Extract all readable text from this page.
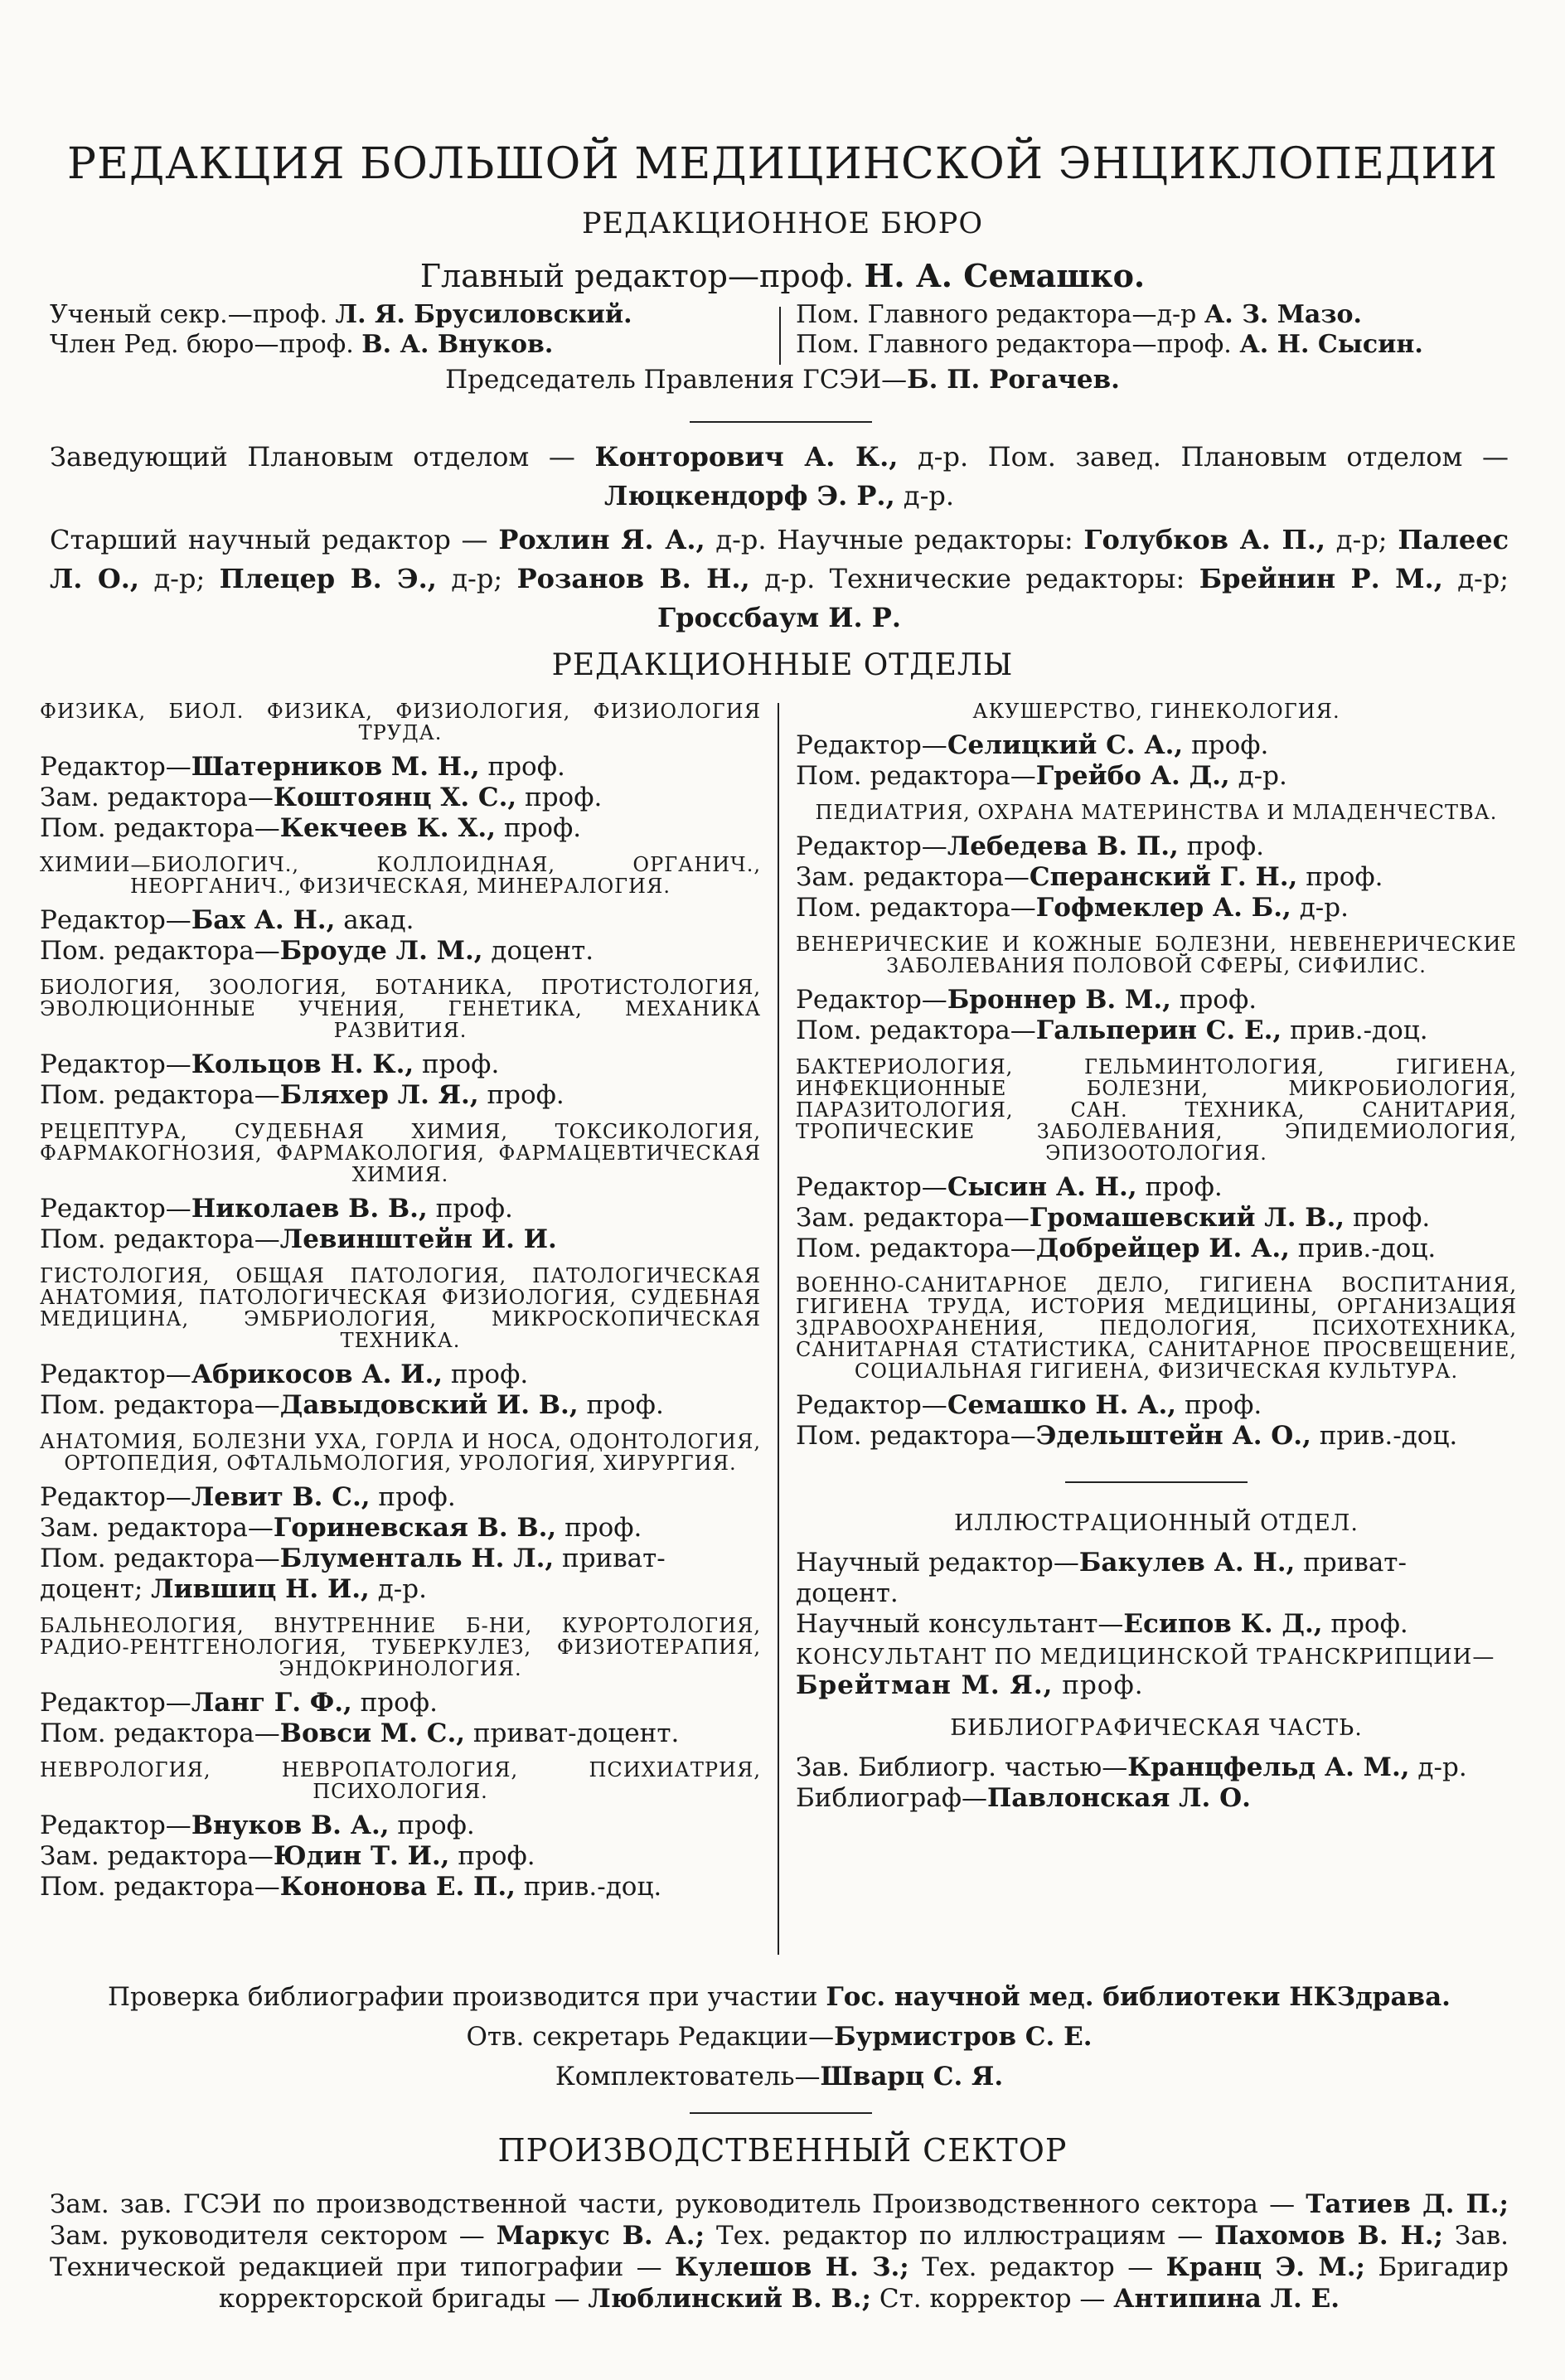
РЕДАКЦИЯ БОЛЬШОЙ МЕДИЦИНСКОЙ ЭНЦИКЛОПЕДИИ
РЕДАКЦИОННОЕ БЮРО
Главный редактор—проф. Н. А. Семашко.
Ученый секр.—проф. Л. Я. Брусиловский.
Член Ред. бюро—проф. В. А. Внуков.
Пом. Главного редактора—д-р А. З. Мазо.
Пом. Главного редактора—проф. А. Н. Сысин.
Председатель Правления ГСЭИ—Б. П. Рогачев.
Заведующий Плановым отделом — Конторович А. К., д-р. Пом. завед. Плановым отделом — Люцкендорф Э. Р., д-р.
Старший научный редактор — Рохлин Я. А., д-р. Научные редакторы: Голубков А. П., д-р; Палеес Л. О., д-р; Плецер В. Э., д-р; Розанов В. Н., д-р. Технические редакторы: Брейнин Р. М., д-р; Гроссбаум И. Р.
РЕДАКЦИОННЫЕ ОТДЕЛЫ
ФИЗИКА, БИОЛ. ФИЗИКА, ФИЗИОЛОГИЯ, ФИЗИОЛОГИЯ ТРУДА.
Редактор—Шатерников М. Н., проф.
Зам. редактора—Коштоянц Х. С., проф.
Пом. редактора—Кекчеев К. Х., проф.
ХИМИИ—БИОЛОГИЧ., КОЛЛОИДНАЯ, ОРГАНИЧ., НЕОРГАНИЧ., ФИЗИЧЕСКАЯ, МИНЕРАЛОГИЯ.
Редактор—Бах А. Н., акад.
Пом. редактора—Броуде Л. М., доцент.
БИОЛОГИЯ, ЗООЛОГИЯ, БОТАНИКА, ПРОТИСТОЛОГИЯ, ЭВОЛЮЦИОННЫЕ УЧЕНИЯ, ГЕНЕТИКА, МЕХАНИКА РАЗВИТИЯ.
Редактор—Кольцов Н. К., проф.
Пом. редактора—Бляхер Л. Я., проф.
РЕЦЕПТУРА, СУДЕБНАЯ ХИМИЯ, ТОКСИКОЛОГИЯ, ФАРМАКОГНОЗИЯ, ФАРМАКОЛОГИЯ, ФАРМАЦЕВТИЧЕСКАЯ ХИМИЯ.
Редактор—Николаев В. В., проф.
Пом. редактора—Левинштейн И. И.
ГИСТОЛОГИЯ, ОБЩАЯ ПАТОЛОГИЯ, ПАТОЛОГИЧЕСКАЯ АНАТОМИЯ, ПАТОЛОГИЧЕСКАЯ ФИЗИОЛОГИЯ, СУДЕБНАЯ МЕДИЦИНА, ЭМБРИОЛОГИЯ, МИКРОСКОПИЧЕСКАЯ ТЕХНИКА.
Редактор—Абрикосов А. И., проф.
Пом. редактора—Давыдовский И. В., проф.
АНАТОМИЯ, БОЛЕЗНИ УХА, ГОРЛА И НОСА, ОДОНТОЛОГИЯ, ОРТОПЕДИЯ, ОФТАЛЬМОЛОГИЯ, УРОЛОГИЯ, ХИРУРГИЯ.
Редактор—Левит В. С., проф.
Зам. редактора—Гориневская В. В., проф.
Пом. редактора—Блументаль Н. Л., приват-
доцент; Лившиц Н. И., д-р.
БАЛЬНЕОЛОГИЯ, ВНУТРЕННИЕ Б-НИ, КУРОРТОЛОГИЯ, РАДИО-РЕНТГЕНОЛОГИЯ, ТУБЕРКУЛЕЗ, ФИЗИОТЕРАПИЯ, ЭНДОКРИНОЛОГИЯ.
Редактор—Ланг Г. Ф., проф.
Пом. редактора—Вовси М. С., приват-доцент.
НЕВРОЛОГИЯ, НЕВРОПАТОЛОГИЯ, ПСИХИАТРИЯ, ПСИХОЛОГИЯ.
Редактор—Внуков В. А., проф.
Зам. редактора—Юдин Т. И., проф.
Пом. редактора—Кононова Е. П., прив.-доц.
АКУШЕРСТВО, ГИНЕКОЛОГИЯ.
Редактор—Селицкий С. А., проф.
Пом. редактора—Грейбо А. Д., д-р.
ПЕДИАТРИЯ, ОХРАНА МАТЕРИНСТВА И МЛАДЕНЧЕСТВА.
Редактор—Лебедева В. П., проф.
Зам. редактора—Сперанский Г. Н., проф.
Пом. редактора—Гофмеклер А. Б., д-р.
ВЕНЕРИЧЕСКИЕ И КОЖНЫЕ БОЛЕЗНИ, НЕВЕНЕРИЧЕСКИЕ ЗАБОЛЕВАНИЯ ПОЛОВОЙ СФЕРЫ, СИФИЛИС.
Редактор—Броннер В. М., проф.
Пом. редактора—Гальперин С. Е., прив.-доц.
БАКТЕРИОЛОГИЯ, ГЕЛЬМИНТОЛОГИЯ, ГИГИЕНА, ИНФЕКЦИОННЫЕ БОЛЕЗНИ, МИКРОБИОЛОГИЯ, ПАРАЗИТОЛОГИЯ, САН. ТЕХНИКА, САНИТАРИЯ, ТРОПИЧЕСКИЕ ЗАБОЛЕВАНИЯ, ЭПИДЕМИОЛОГИЯ, ЭПИЗООТОЛОГИЯ.
Редактор—Сысин А. Н., проф.
Зам. редактора—Громашевский Л. В., проф.
Пом. редактора—Добрейцер И. А., прив.-доц.
ВОЕННО-САНИТАРНОЕ ДЕЛО, ГИГИЕНА ВОСПИТАНИЯ, ГИГИЕНА ТРУДА, ИСТОРИЯ МЕДИЦИНЫ, ОРГАНИЗАЦИЯ ЗДРАВООХРАНЕНИЯ, ПЕДОЛОГИЯ, ПСИХОТЕХНИКА, САНИТАРНАЯ СТАТИСТИКА, САНИТАРНОЕ ПРОСВЕЩЕНИЕ, СОЦИАЛЬНАЯ ГИГИЕНА, ФИЗИЧЕСКАЯ КУЛЬТУРА.
Редактор—Семашко Н. А., проф.
Пом. редактора—Эдельштейн А. О., прив.-доц.
ИЛЛЮСТРАЦИОННЫЙ ОТДЕЛ.
Научный редактор—Бакулев А. Н., приват-
доцент.
Научный консультант—Есипов К. Д., проф.
КОНСУЛЬТАНТ ПО МЕДИЦИНСКОЙ ТРАНСКРИПЦИИ—Брейтман М. Я., проф.
БИБЛИОГРАФИЧЕСКАЯ ЧАСТЬ.
Зав. Библиогр. частью—Кранцфельд А. М., д-р.
Библиограф—Павлонская Л. О.
Проверка библиографии производится при участии Гос. научной мед. библиотеки НКЗдрава.
Отв. секретарь Редакции—Бурмистров С. Е.
Комплектователь—Шварц С. Я.
ПРОИЗВОДСТВЕННЫЙ СЕКТОР
Зам. зав. ГСЭИ по производственной части, руководитель Производственного сектора — Татиев Д. П.; Зам. руководителя сектором — Маркус В. А.; Тех. редактор по иллюстрациям — Пахомов В. Н.; Зав. Технической редакцией при типографии — Кулешов Н. З.; Тех. редактор — Кранц Э. М.; Бригадир корректорской бригады — Люблинский В. В.; Ст. корректор — Антипина Л. Е.
